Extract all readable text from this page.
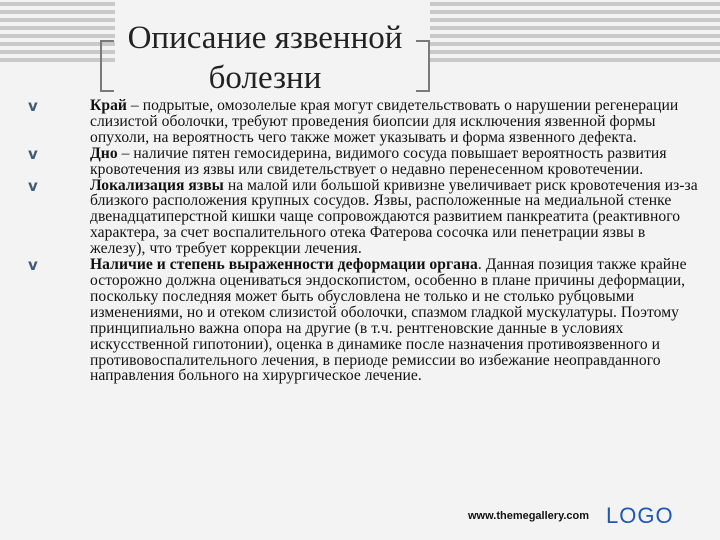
Описание язвенной
болезни
v	Край – подрытые, омозолелые края могут свидетельствовать о нарушении регенерации слизистой оболочки, требуют проведения биопсии для исключения язвенной формы опухоли, на вероятность чего также может указывать и форма язвенного дефекта.
v	Дно – наличие пятен гемосидерина, видимого сосуда повышает вероятность развития кровотечения из язвы или свидетельствует о недавно перенесенном кровотечении.
v	Локализация язвы на малой или большой кривизне увеличивает риск кровотечения из-за близкого расположения крупных сосудов. Язвы, расположенные на медиальной стенке двенадцатиперстной кишки чаще сопровождаются развитием панкреатита (реактивного характера, за счет воспалительного отека Фатерова сосочка или пенетрации язвы в железу), что требует коррекции лечения.
v	Наличие и степень выраженности деформации органа. Данная позиция также крайне осторожно должна оцениваться эндоскопистом, особенно в плане причины деформации, поскольку последняя может быть обусловлена не только и не столько рубцовыми изменениями, но и отеком слизистой оболочки, спазмом гладкой мускулатуры. Поэтому принципиально важна опора на другие (в т.ч. рентгеновские данные в условиях искусственной гипотонии), оценка в динамике после назначения противоязвенного и противовоспалительного лечения, в периоде ремиссии во избежание неоправданного направления больного на хирургическое лечение.
www.themegallery.com LOGO
